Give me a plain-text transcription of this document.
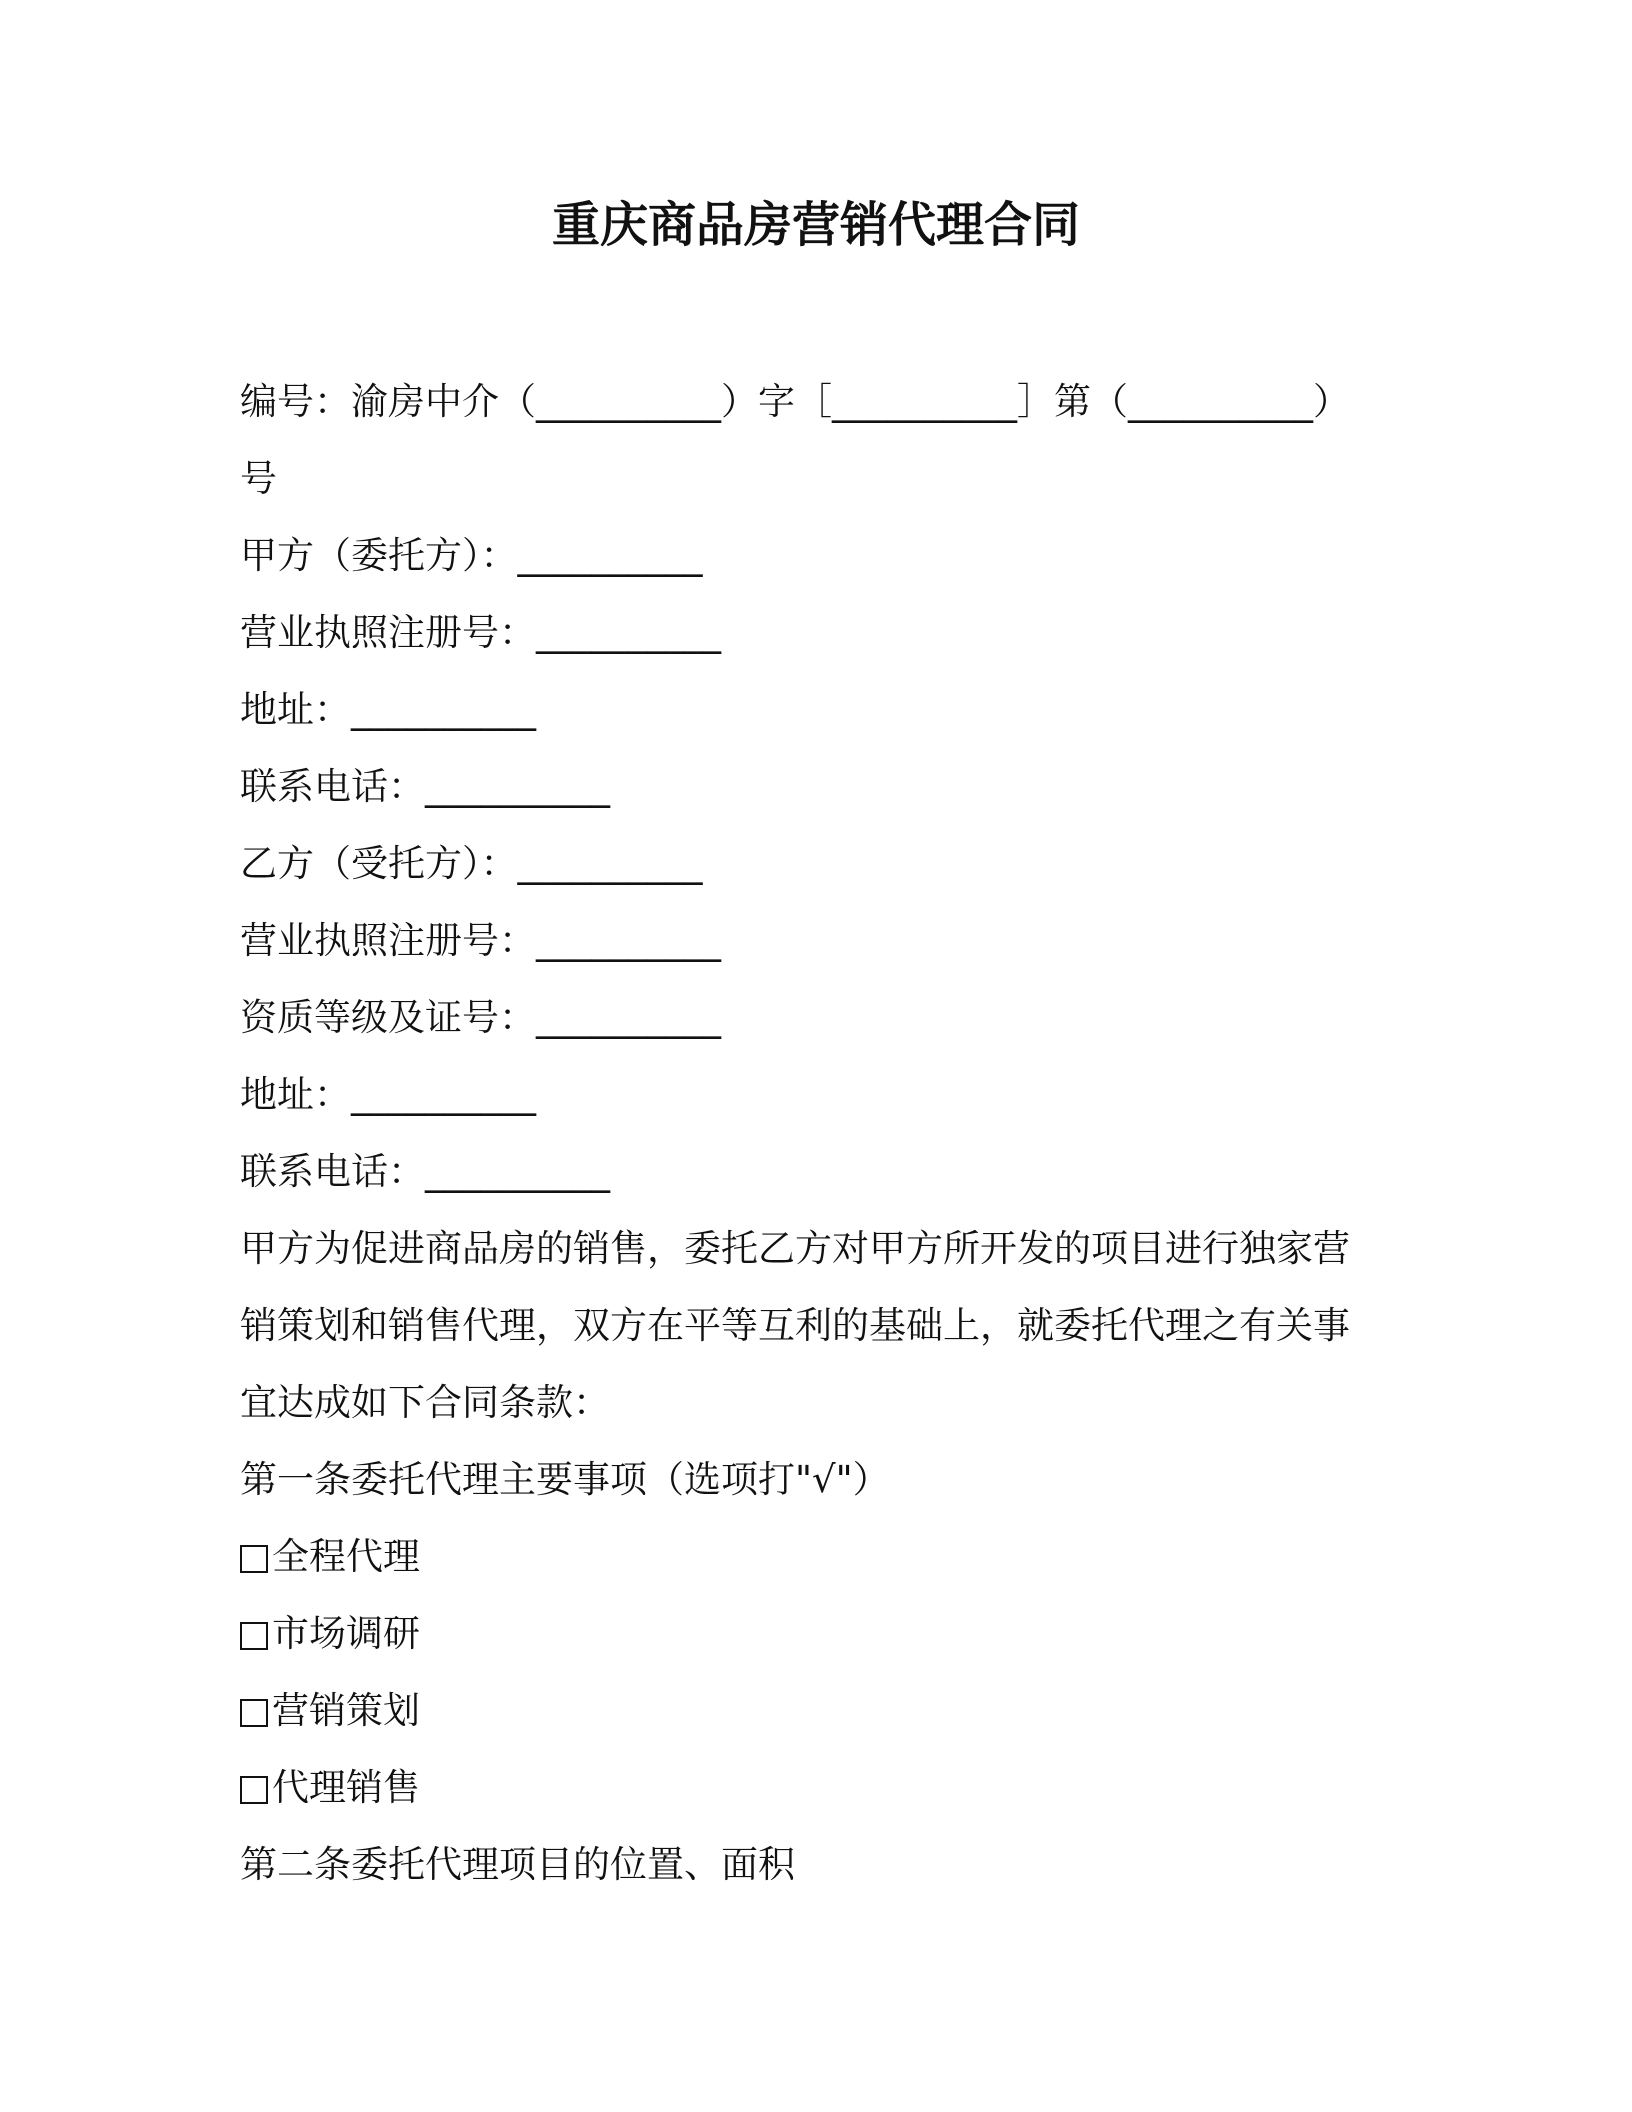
重庆商品房营销代理合同
编号：渝房中介（__________）字［__________］第（__________）
号
甲方（委托方）：__________
营业执照注册号：__________
地址：__________
联系电话：__________
乙方（受托方）：__________
营业执照注册号：__________
资质等级及证号：__________
地址：__________
联系电话：__________
甲方为促进商品房的销售，委托乙方对甲方所开发的项目进行独家营销策划和销售代理，双方在平等互利的基础上，就委托代理之有关事宜达成如下合同条款：
第一条委托代理主要事项（选项打"√"）
全程代理
市场调研
营销策划
代理销售
第二条委托代理项目的位置、面积
